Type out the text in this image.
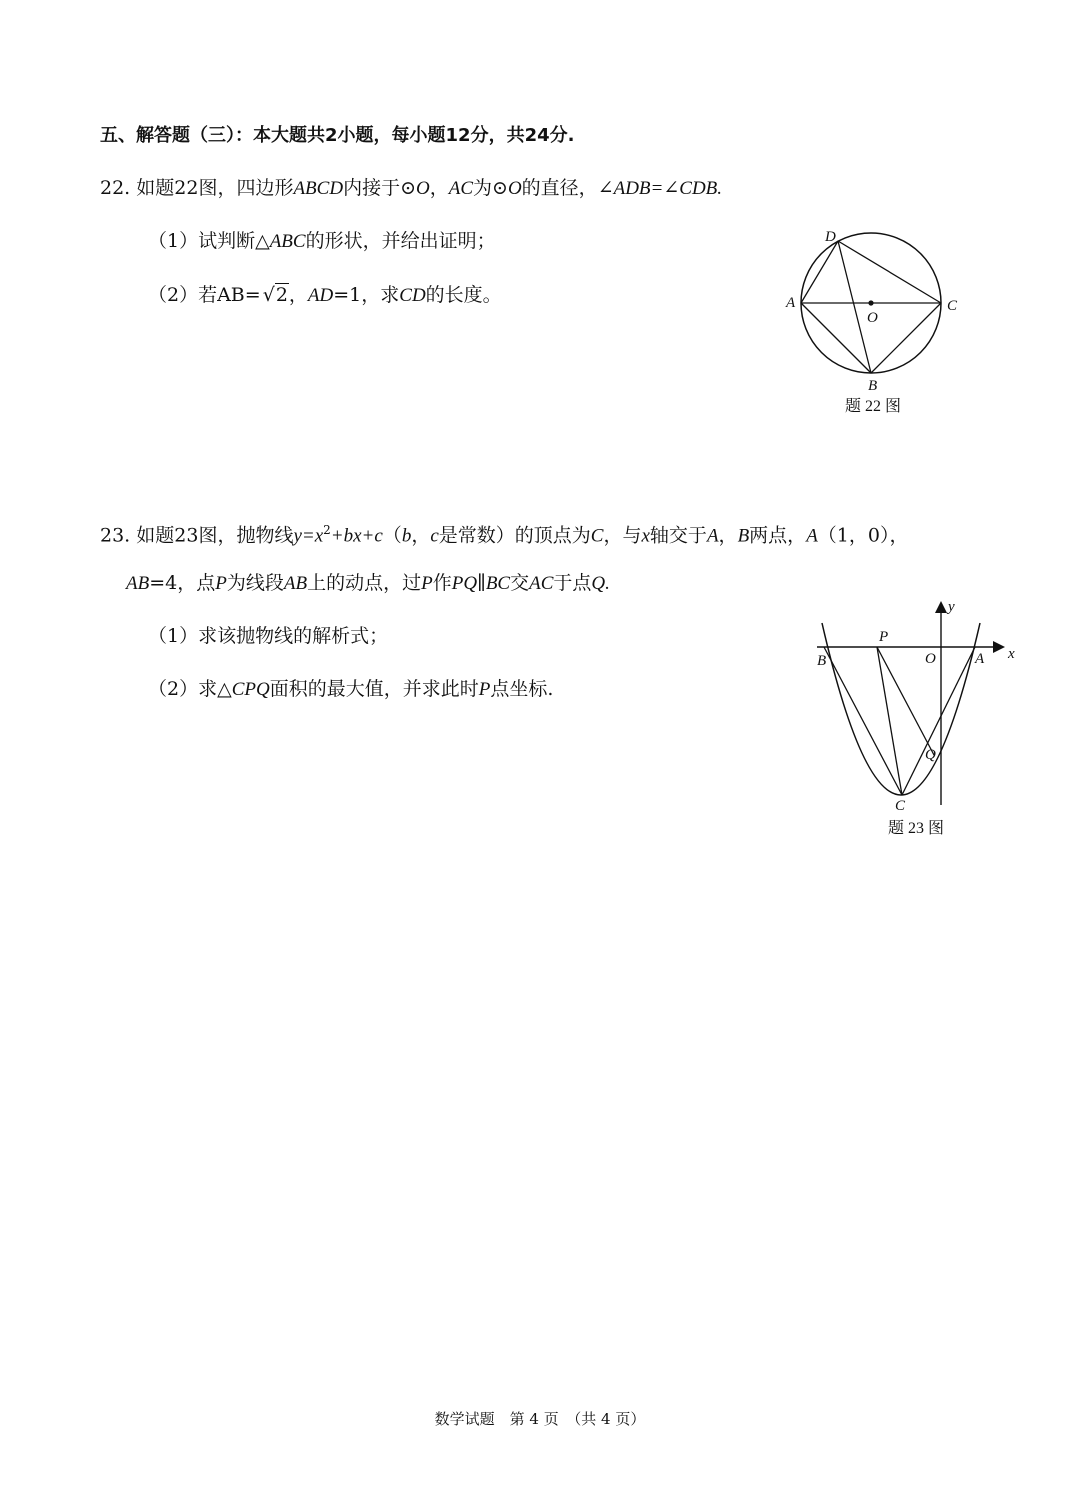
五、解答题（三）：本大题共2小题，每小题12分，共24分.
22. 如题22图，四边形ABCD内接于⊙O，AC为⊙O的直径，∠ADB=∠CDB.
（1）试判断△ABC的形状，并给出证明；
（2）若AB= √2，AD=1，求CD的长度。
D
A	C
O
B
题 22 图
23. 如题23图，抛物线$y=x^2+bx+c(b$，c是常数）的顶点为C，与x轴交于A，B两点，A（1，0），
AB=4，点P为线段AB上的动点，过P作PQ∥BC交AC于点Q.
（1）求该抛物线的解析式；
（2）求△CPQ面积的最大值，并求此时P点坐标.
y
x
O	A
B
P
Q
C
题 23 图
数学试题　第 4 页　（共 4 页）
